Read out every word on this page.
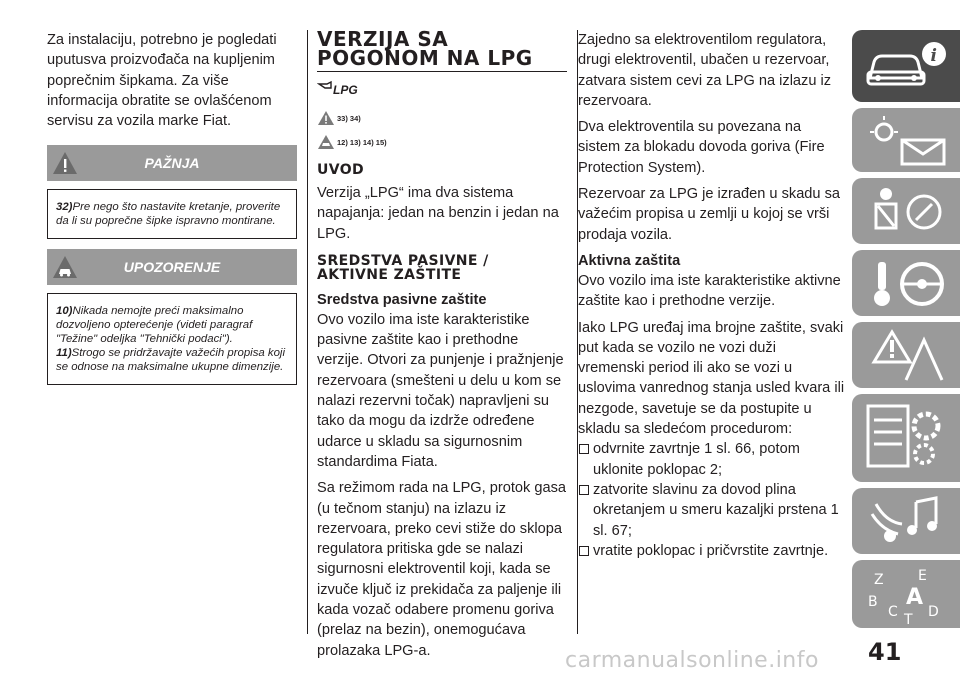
Za instalaciju, potrebno je pogledati uputusva proizvođača na kupljenim poprečnim šipkama. Za više informacija obratite se ovlašćenom servisu za vozila marke Fiat.

PAŽNJA

32)Pre nego što nastavite kretanje, proverite da li su poprečne šipke ispravno montirane.

UPOZORENJE

10)Nikada nemojte preći maksimalno dozvoljeno opterećenje (videti paragraf "Težine" odeljka "Tehnički podaci").

11)Strogo se pridržavajte važećih propisa koji se odnose na maksimalne ukupne dimenzije.

VERZIJA SA
POGONOM NA LPG
LPG
33) 34)
12) 13) 14) 15)
UVOD

Verzija „LPG“ ima dva sistema napajanja: jedan na benzin i jedan na LPG.

SREDSTVA PASIVNE /
AKTIVNE ZAŠTITE
Sredstva pasivne zaštite

Ovo vozilo ima iste karakteristike pasivne zaštite kao i prethodne verzije. Otvori za punjenje i pražnjenje rezervoara (smešteni u delu u kom se nalazi rezervni točak) napravljeni su tako da mogu da izdrže određene udarce u skladu sa sigurnosnim standardima Fiata.

Sa režimom rada na LPG, protok gasa (u tečnom stanju) na izlazu iz rezervoara, preko cevi stiže do sklopa regulatora pritiska gde se nalazi sigurnosni elektroventil koji, kada se izvuče ključ iz prekidača za paljenje ili kada vozač odabere promenu goriva (prelaz na bezin), onemogućava prolazaka LPG-a.

Zajedno sa elektroventilom regulatora, drugi elektroventil, ubačen u rezervoar, zatvara sistem cevi za LPG na izlazu iz rezervoara.

Dva elektroventila su povezana na sistem za blokadu dovoda goriva (Fire Protection System).

Rezervoar za LPG je izrađen u skadu sa važećim propisa u zemlji u kojoj se vrši prodaja vozila.

Aktivna zaštita

Ovo vozilo ima iste karakteristike aktivne zaštite kao i prethodne verzije.

Iako LPG uređaj ima brojne zaštite, svaki put kada se vozilo ne vozi duži vremenski period ili ako se vozi u uslovima vanrednog stanja usled kvara ili nezgode, savetuje se da postupite u skladu sa sledećom procedurom:

odvrnite zavrtnje 1 sl. 66, potom uklonite poklopac 2;
zatvorite slavinu za dovod plina okretanjem u smeru kazaljki prstena 1 sl. 67;
vratite poklopac i pričvrstite zavrtnje.
i
Z E
B A
C D
T
41
carmanualsonline.info
